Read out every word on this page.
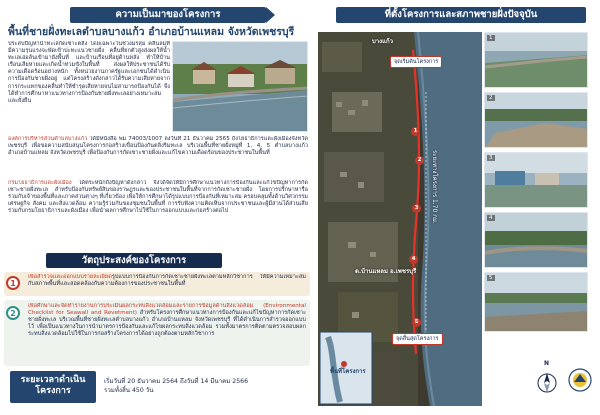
ความเป็นมาของโครงการ
พื้นที่ชายฝั่งทะเลตำบลบางแก้ว อำเภอบ้านแหลม จังหวัดเพชรบุรี
ประสบปัญหาน้ำทะเลกัดเซาะตลิ่ง โดยเฉพาะในช่วงมรสุม คลื่นลมที่มีความรุนแรงจะพัดเข้าปะทะแนวชายฝั่ง คลื่นที่ยกตัวสูงส่งผลให้น้ำทะเลเอ่อล้นเข้ามายังพื้นที่ และบ้านเรือนที่อยู่ด้านหลัง ทำให้บ้านเรือนเสียหายและเกิดน้ำท่วมขังในพื้นที่ ส่งผลให้ประชาชนได้รับความเดือดร้อนอย่างหนัก ทั้งหน่วยงานภาครัฐและเอกชนได้ดำเนินการป้องกันชายฝั่งอยู่ แต่โครงสร้างดังกล่าวได้รับความเสียหายจากการกระแทกของคลื่นทำให้ชำรุดเสียหายจนไม่สามารถป้องกันได้ จึงได้ทำการศึกษาหาแนวทางการป้องกันชายฝั่งทะเลอย่างเหมาะสมและยั่งยืน
องค์การบริหารส่วนตำบลบางแก้ว ได้มีหนังสือ พม 74003/1007 ลงวันที่ 21 ธันวาคม 2565 ถึงโยธาธิการและผังเมืองจังหวัดเพชรบุรี เพื่อขอความสนับสนุนโครงการก่อสร้างเขื่อนป้องกันตลิ่งริมทะเล บริเวณพื้นที่ชายฝั่งหมู่ที่ 1, 4, 5 ตำบลบางแก้ว อำเภอบ้านแหลม จังหวัดเพชรบุรี เพื่อป้องกันการกัดเซาะชายฝั่งและแก้ไขความเดือดร้อนของประชาชนในพื้นที่
กรมโยธาธิการและผังเมือง ได้ตระหนักถึงปัญหาดังกล่าว จึงได้จัดให้มีการศึกษาแนวทางการป้องกันและแก้ไขปัญหาการกัดเซาะชายฝั่งทะเล สำหรับป้องกันทรัพย์สินของราษฎรและของประชาชนในพื้นที่จากการกัดเซาะชายฝั่ง โดยการปรึกษาหารือร่วมกับเจ้าของพื้นที่และภาคส่วนต่างๆ ที่เกี่ยวข้อง เพื่อให้การศึกษาได้รูปแบบการป้องกันที่เหมาะสม ครอบคลุมทั้งด้านวิศวกรรม เศรษฐกิจ สังคม และสิ่งแวดล้อม ความรู้ร่วมกันของชุมชนในพื้นที่ การรับฟังความคิดเห็นจากประชาชนและผู้มีส่วนได้ส่วนเสีย ร่วมกับกรมโยธาธิการและผังเมือง เพื่อนำผลการศึกษาไปใช้ในการออกแบบและก่อสร้างต่อไป
วัตถุประสงค์ของโครงการ
1
เพื่อสำรวจและออกแบบรายละเอียดรูปแบบการป้องกันการกัดเซาะชายฝั่งทะเลตามหลักวิชาการ ให้มีความเหมาะสมกับสภาพพื้นที่และสอดคล้องกับความต้องการของประชาชนในพื้นที่
2
เพื่อศึกษาและจัดทำรายงานการประเมินผลกระทบสิ่งแวดล้อมและรายการข้อมูลด้านสิ่งแวดล้อม (Environmental Checklist for Seawall and Revetment) สำหรับโครงการศึกษาแนวทางการป้องกันและแก้ไขปัญหาการกัดเซาะชายฝั่งทะเล บริเวณพื้นที่ชายฝั่งทะเลตำบลบางแก้ว อำเภอบ้านแหลม จังหวัดเพชรบุรี ที่ได้ดำเนินการสำรวจออกแบบไว้ เพื่อเป็นแนวทางในการนำมาตรการป้องกันและแก้ไขผลกระทบสิ่งแวดล้อม รวมทั้งมาตรการติดตามตรวจสอบผลกระทบสิ่งแวดล้อมไปใช้ในการก่อสร้างโครงการได้อย่างถูกต้องตามหลักวิชาการ
ระยะเวลาดำเนินโครงการ
เริ่มวันที่ 20 ธันวาคม 2564 ถึงวันที่ 14 มีนาคม 2566
รวมทั้งสิ้น 450 วัน
ที่ตั้งโครงการและสภาพชายฝั่งปัจจุบัน
บางแก้ว
จุดเริ่มต้นโครงการ
จุดสิ้นสุดโครงการ
ต.บ้านแหลม อ.เพชรบุรี
ระยะทางโครงการ 1.70 กม.
พื้นที่โครงการ
1
2
3
4
5
1
2
3
4
5
N
